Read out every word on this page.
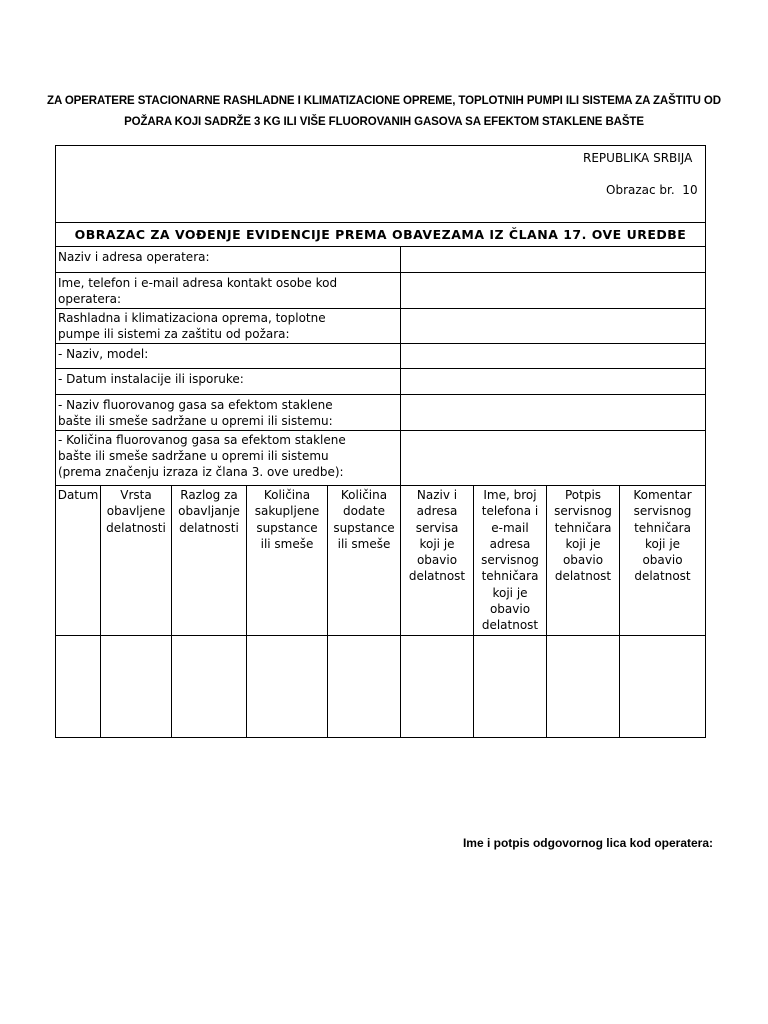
ZA OPERATERE STACIONARNE RASHLADNE I KLIMATIZACIONE OPREME, TOPLOTNIH PUMPI ILI SISTEMA ZA ZAŠTITU OD
POŽARA KOJI SADRŽE 3 KG ILI VIŠE FLUOROVANIH GASOVA SA EFEKTOM STAKLENE BAŠTE
REPUBLIKA SRBIJA
Obrazac br.  10
OBRAZAC ZA VOĐENJE EVIDENCIJE PREMA OBAVEZAMA IZ ČLANA 17. OVE UREDBE
Naziv i adresa operatera:
Ime, telefon i e-mail adresa kontakt osobe kod
operatera:
Rashladna i klimatizaciona oprema, toplotne
pumpe ili sistemi za zaštitu od požara:
- Naziv, model:
- Datum instalacije ili isporuke:
- Naziv fluorovanog gasa sa efektom staklene
bašte ili smeše sadržane u opremi ili sistemu:
- Količina fluorovanog gasa sa efektom staklene
bašte ili smeše sadržane u opremi ili sistemu
(prema značenju izraza iz člana 3. ove uredbe):
Datum	Vrsta
obavljene
delatnosti
Razlog za
obavljanje
delatnosti
Količina
sakupljene
supstance
ili smeše
Količina
dodate
supstance
ili smeše
Naziv i
adresa
servisa
koji je
obavio
delatnost
Ime, broj
telefona i
e-mail
adresa
servisnog
tehničara
koji je
obavio
delatnost
Potpis
servisnog
tehničara
koji je
obavio
delatnost
Komentar
servisnog
tehničara
koji je
obavio
delatnost
Ime i potpis odgovornog lica kod operatera:
